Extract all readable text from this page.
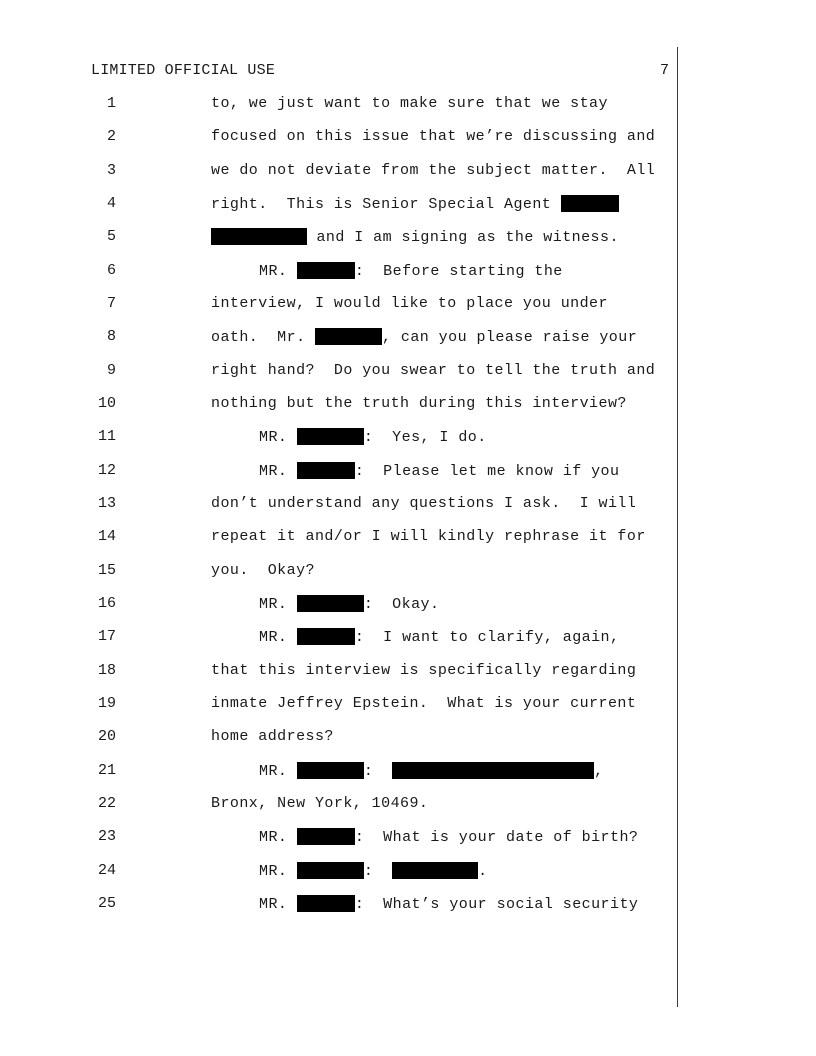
LIMITED OFFICIAL USE	7
1	to, we just want to make sure that we stay
2	focused on this issue that we’re discussing and
3	we do not deviate from the subject matter.  All
4	right.  This is Senior Special Agent
5	and I am signing as the witness.
6	MR.	:  Before starting the
7	interview, I would like to place you under
8	oath.  Mr.	, can you please raise your
9	right hand?  Do you swear to tell the truth and
10	nothing but the truth during this interview?
11	MR.	:  Yes, I do.
12	MR.	:  Please let me know if you
13	don’t understand any questions I ask.  I will
14	repeat it and/or I will kindly rephrase it for
15	you.  Okay?
16	MR.	:  Okay.
17	MR.	:  I want to clarify, again,
18	that this interview is specifically regarding
19	inmate Jeffrey Epstein.  What is your current
20	home address?
21	MR.	:	,
22	Bronx, New York, 10469.
23	MR.	:  What is your date of birth?
24	MR.	:	.
25	MR.	:  What’s your social security
